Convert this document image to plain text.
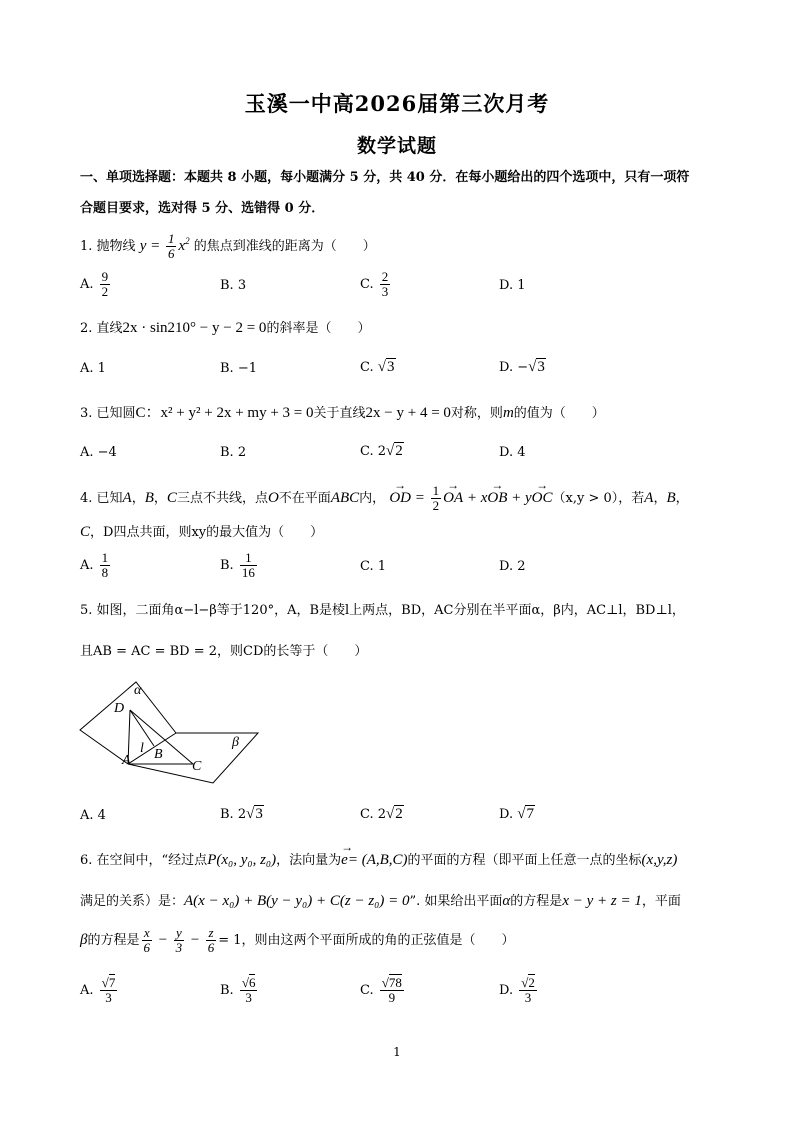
玉溪一中高2026届第三次月考
数学试题
一、单项选择题：本题共 8 小题，每小题满分 5 分，共 40 分．在每小题给出的四个选项中，只有一项符
合题目要求，选对得 5 分、选错得 0 分．
1. 抛物线 $y = \frac{1}{6} x^2$ 的焦点到准线的距离为（　　）
A. $\frac{9}{2}$	B. 3	C. $\frac{2}{3}$	D. 1
2. 直线2x · sin210° − y − 2 = 0的斜率是（　　）
A. 1	B. −1	C. √3	D. −√3
3. 已知圆C：x² + y² + 2x + my + 3 = 0关于直线2x − y + 4 = 0对称，则m的值为（　　）
A. −4	B. 2	C. 2√2	D. 4
4. 已知A，B，C三点不共线，点O不在平面ABC内， → OD = $\frac{1}{2}$ → OA + x→ OB + y→ OC（x,y > 0），若A，B，
C，D四点共面，则xy的最大值为（　　）
A. $\frac{1}{8}$	B. $\frac{1}{16}$	C. 1	D. 2
5. 如图，二面角α−l−β等于120°，A，B是棱l上两点，BD，AC分别在半平面α，β内，AC⊥l，BD⊥l，
且AB = AC = BD = 2，则CD的长等于（　　）
α
D
l B
A	C
β
A. 4	B. 2√3	C. 2√2	D. √7
6. 在空间中，“经过点P(x₀, y₀, z₀)，法向量为→ e= (A,B,C)的平面的方程（即平面上任意一点的坐标(x,y,z)
满足的关系）是：A(x − x₀) + B(y − y₀) + C(z − z₀) = 0”. 如果给出平面α的方程是x − y + z = 1，平面
β的方程是 $\frac{x}{6} - \frac{y}{3} - \frac{z}{6} = 1$，则由这两个平面所成的角的正弦值是（　　）
A. $\frac{√7}{3}$	B. $\frac{√6}{3}$	C. $\frac{√78}{9}$	D. $\frac{√2}{3}$
1
